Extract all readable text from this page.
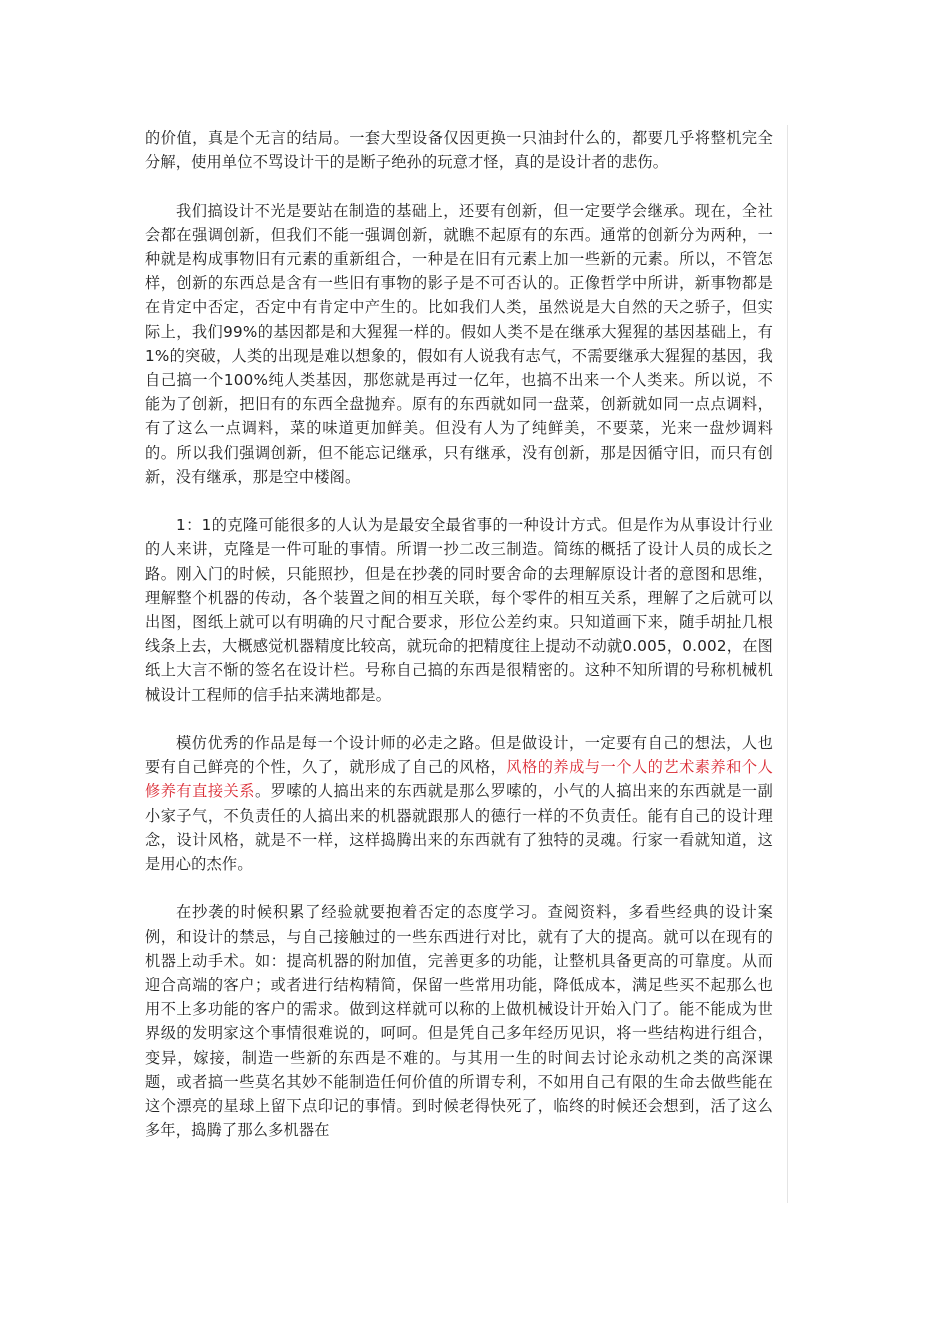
的价值，真是个无言的结局。一套大型设备仅因更换一只油封什么的，都要几乎将整机完全分解，使用单位不骂设计干的是断子绝孙的玩意才怪，真的是设计者的悲伤。

我们搞设计不光是要站在制造的基础上，还要有创新，但一定要学会继承。现在，全社会都在强调创新，但我们不能一强调创新，就瞧不起原有的东西。通常的创新分为两种，一种就是构成事物旧有元素的重新组合，一种是在旧有元素上加一些新的元素。所以，不管怎样，创新的东西总是含有一些旧有事物的影子是不可否认的。正像哲学中所讲，新事物都是在肯定中否定，否定中有肯定中产生的。比如我们人类，虽然说是大自然的天之骄子，但实际上，我们99%的基因都是和大猩猩一样的。假如人类不是在继承大猩猩的基因基础上，有1%的突破，人类的出现是难以想象的，假如有人说我有志气，不需要继承大猩猩的基因，我自己搞一个100%纯人类基因，那您就是再过一亿年，也搞不出来一个人类来。所以说，不能为了创新，把旧有的东西全盘抛弃。原有的东西就如同一盘菜，创新就如同一点点调料，有了这么一点调料，菜的味道更加鲜美。但没有人为了纯鲜美，不要菜，光来一盘炒调料的。所以我们强调创新，但不能忘记继承，只有继承，没有创新，那是因循守旧，而只有创新，没有继承，那是空中楼阁。

1：1的克隆可能很多的人认为是最安全最省事的一种设计方式。但是作为从事设计行业的人来讲，克隆是一件可耻的事情。所谓一抄二改三制造。简练的概括了设计人员的成长之路。刚入门的时候，只能照抄，但是在抄袭的同时要舍命的去理解原设计者的意图和思维，理解整个机器的传动，各个装置之间的相互关联，每个零件的相互关系，理解了之后就可以出图，图纸上就可以有明确的尺寸配合要求，形位公差约束。只知道画下来，随手胡扯几根线条上去，大概感觉机器精度比较高，就玩命的把精度往上提动不动就0.005，0.002，在图纸上大言不惭的签名在设计栏。号称自己搞的东西是很精密的。这种不知所谓的号称机械机械设计工程师的信手拈来满地都是。

模仿优秀的作品是每一个设计师的必走之路。但是做设计，一定要有自己的想法，人也要有自己鲜亮的个性，久了，就形成了自己的风格，风格的养成与一个人的艺术素养和个人修养有直接关系。罗嗦的人搞出来的东西就是那么罗嗦的，小气的人搞出来的东西就是一副小家子气，不负责任的人搞出来的机器就跟那人的德行一样的不负责任。能有自己的设计理念，设计风格，就是不一样，这样捣腾出来的东西就有了独特的灵魂。行家一看就知道，这是用心的杰作。

在抄袭的时候积累了经验就要抱着否定的态度学习。查阅资料，多看些经典的设计案例，和设计的禁忌，与自己接触过的一些东西进行对比，就有了大的提高。就可以在现有的机器上动手术。如：提高机器的附加值，完善更多的功能，让整机具备更高的可靠度。从而迎合高端的客户；或者进行结构精简，保留一些常用功能，降低成本，满足些买不起那么也用不上多功能的客户的需求。做到这样就可以称的上做机械设计开始入门了。能不能成为世界级的发明家这个事情很难说的，呵呵。但是凭自己多年经历见识，将一些结构进行组合，变异，嫁接，制造一些新的东西是不难的。与其用一生的时间去讨论永动机之类的高深课题，或者搞一些莫名其妙不能制造任何价值的所谓专利，不如用自己有限的生命去做些能在这个漂亮的星球上留下点印记的事情。到时候老得快死了，临终的时候还会想到，活了这么多年，捣腾了那么多机器在
